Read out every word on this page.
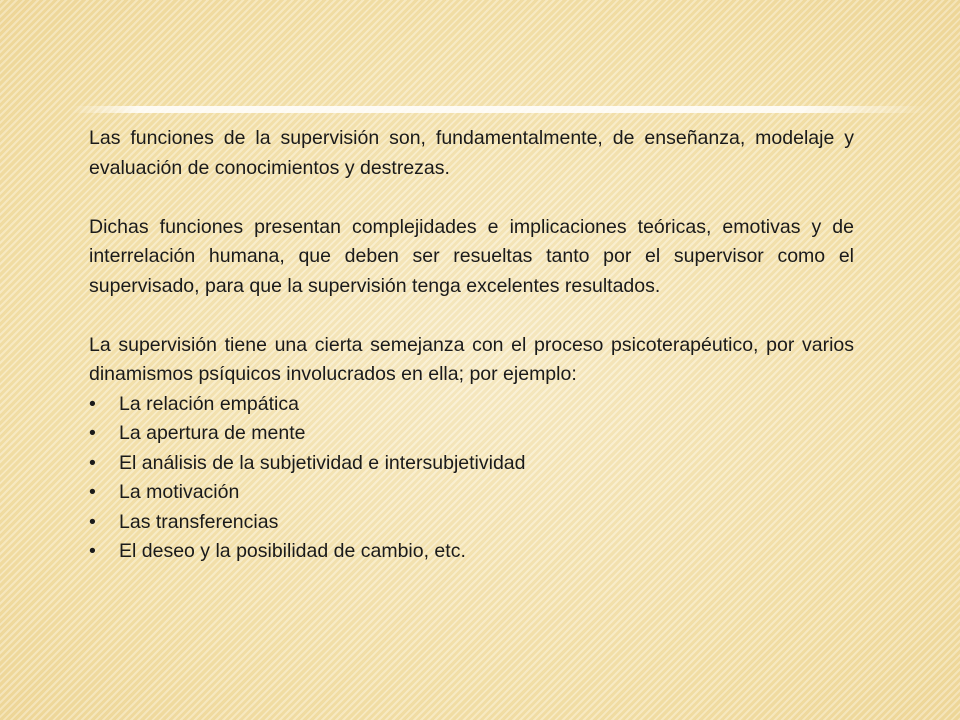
Las funciones de la supervisión son, fundamentalmente, de enseñanza, modelaje y evaluación de conocimientos y destrezas.

Dichas funciones presentan complejidades e implicaciones teóricas, emotivas y de interrelación humana, que deben ser resueltas tanto por el supervisor como el supervisado, para que la supervisión tenga excelentes resultados.

La supervisión tiene una cierta semejanza con el proceso psicoterapéutico, por varios dinamismos psíquicos involucrados en ella; por ejemplo:

• La relación empática
• La apertura de mente
• El análisis de la subjetividad e intersubjetividad
• La motivación
• Las transferencias
• El deseo y la posibilidad de cambio, etc.
